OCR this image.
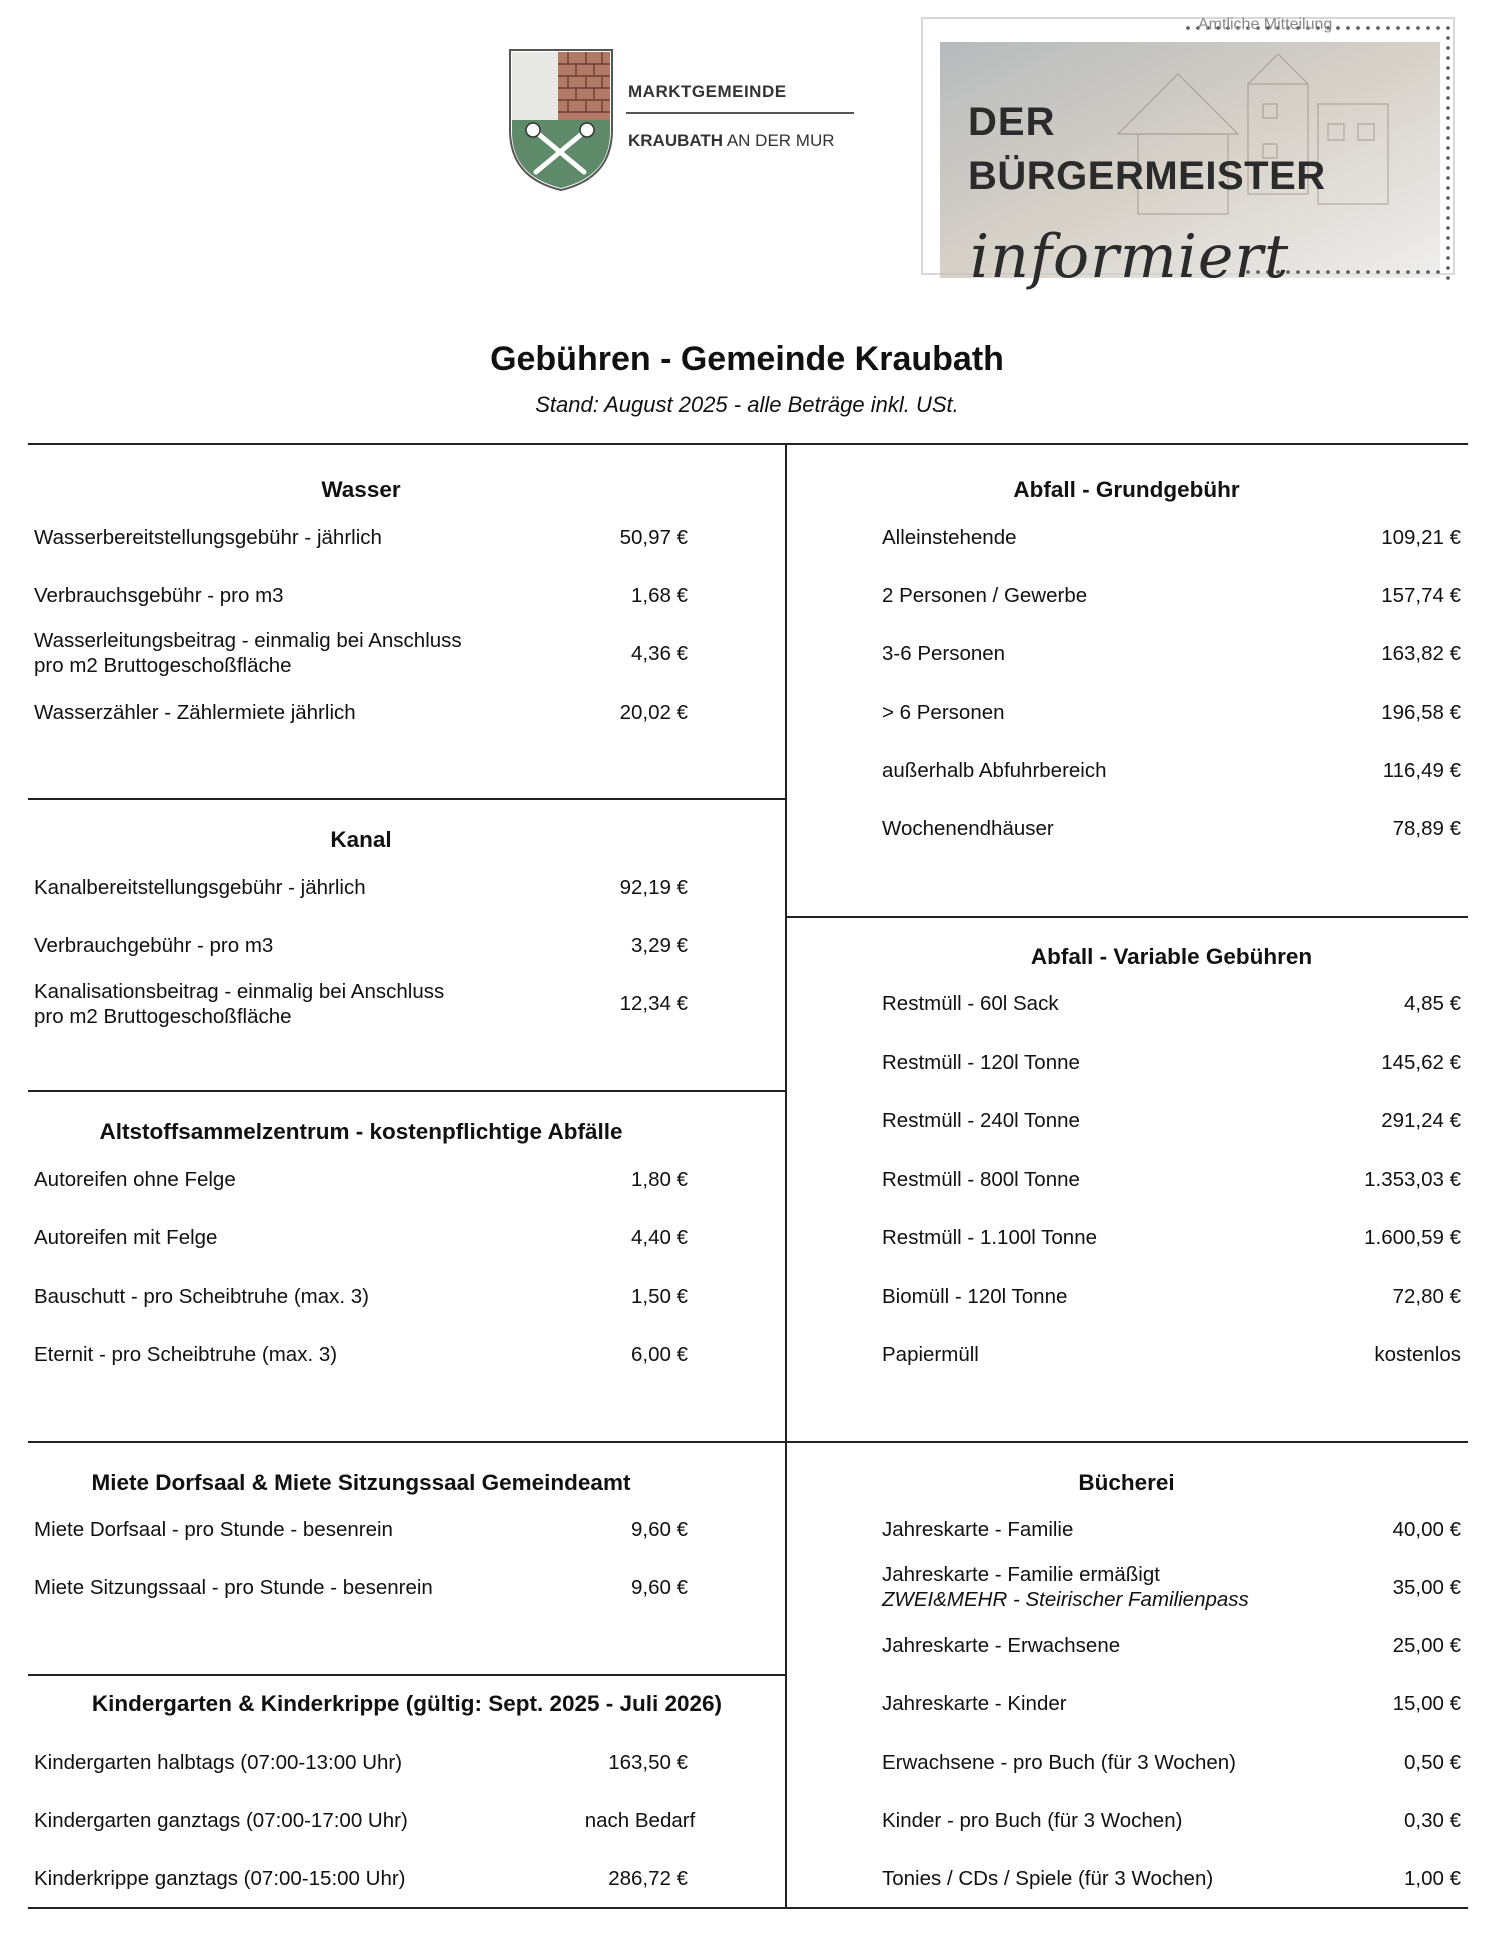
MARKTGEMEINDE
KRAUBATH AN DER MUR
Amtliche Mitteilung
DER
BÜRGERMEISTER
informiert
Gebühren - Gemeinde Kraubath
Stand: August 2025 - alle Beträge inkl. USt.
Wasser
Wasserbereitstellungsgebühr - jährlich	50,97 €
Verbrauchsgebühr - pro m3	1,68 €
Wasserleitungsbeitrag - einmalig bei Anschluss
pro m2 Bruttogeschoßfläche
4,36 €
Wasserzähler - Zählermiete jährlich	20,02 €
Kanal
Kanalbereitstellungsgebühr - jährlich	92,19 €
Verbrauchgebühr - pro m3	3,29 €
Kanalisationsbeitrag - einmalig bei Anschluss
pro m2 Bruttogeschoßfläche
12,34 €
Altstoffsammelzentrum - kostenpflichtige Abfälle
Autoreifen ohne Felge	1,80 €
Autoreifen mit Felge	4,40 €
Bauschutt - pro Scheibtruhe (max. 3)	1,50 €
Eternit - pro Scheibtruhe (max. 3)	6,00 €
Miete Dorfsaal & Miete Sitzungssaal Gemeindeamt
Miete Dorfsaal - pro Stunde - besenrein	9,60 €
Miete Sitzungssaal - pro Stunde - besenrein	9,60 €
Kindergarten & Kinderkrippe (gültig: Sept. 2025 - Juli 2026)
Kindergarten halbtags (07:00-13:00 Uhr)	163,50 €
Kindergarten ganztags (07:00-17:00 Uhr)	nach Bedarf
Kinderkrippe ganztags (07:00-15:00 Uhr)	286,72 €
Abfall - Grundgebühr
Alleinstehende	109,21 €
2 Personen / Gewerbe	157,74 €
3-6 Personen	163,82 €
> 6 Personen	196,58 €
außerhalb Abfuhrbereich	116,49 €
Wochenendhäuser	78,89 €
Abfall - Variable Gebühren
Restmüll - 60l Sack	4,85 €
Restmüll - 120l Tonne	145,62 €
Restmüll - 240l Tonne	291,24 €
Restmüll - 800l Tonne	1.353,03 €
Restmüll - 1.100l Tonne	1.600,59 €
Biomüll - 120l Tonne	72,80 €
Papiermüll	kostenlos
Bücherei
Jahreskarte - Familie	40,00 €
Jahreskarte - Familie ermäßigt
ZWEI&MEHR - Steirischer Familienpass
35,00 €
Jahreskarte - Erwachsene	25,00 €
Jahreskarte - Kinder	15,00 €
Erwachsene - pro Buch (für 3 Wochen)	0,50 €
Kinder - pro Buch (für 3 Wochen)	0,30 €
Tonies / CDs / Spiele (für 3 Wochen)	1,00 €
